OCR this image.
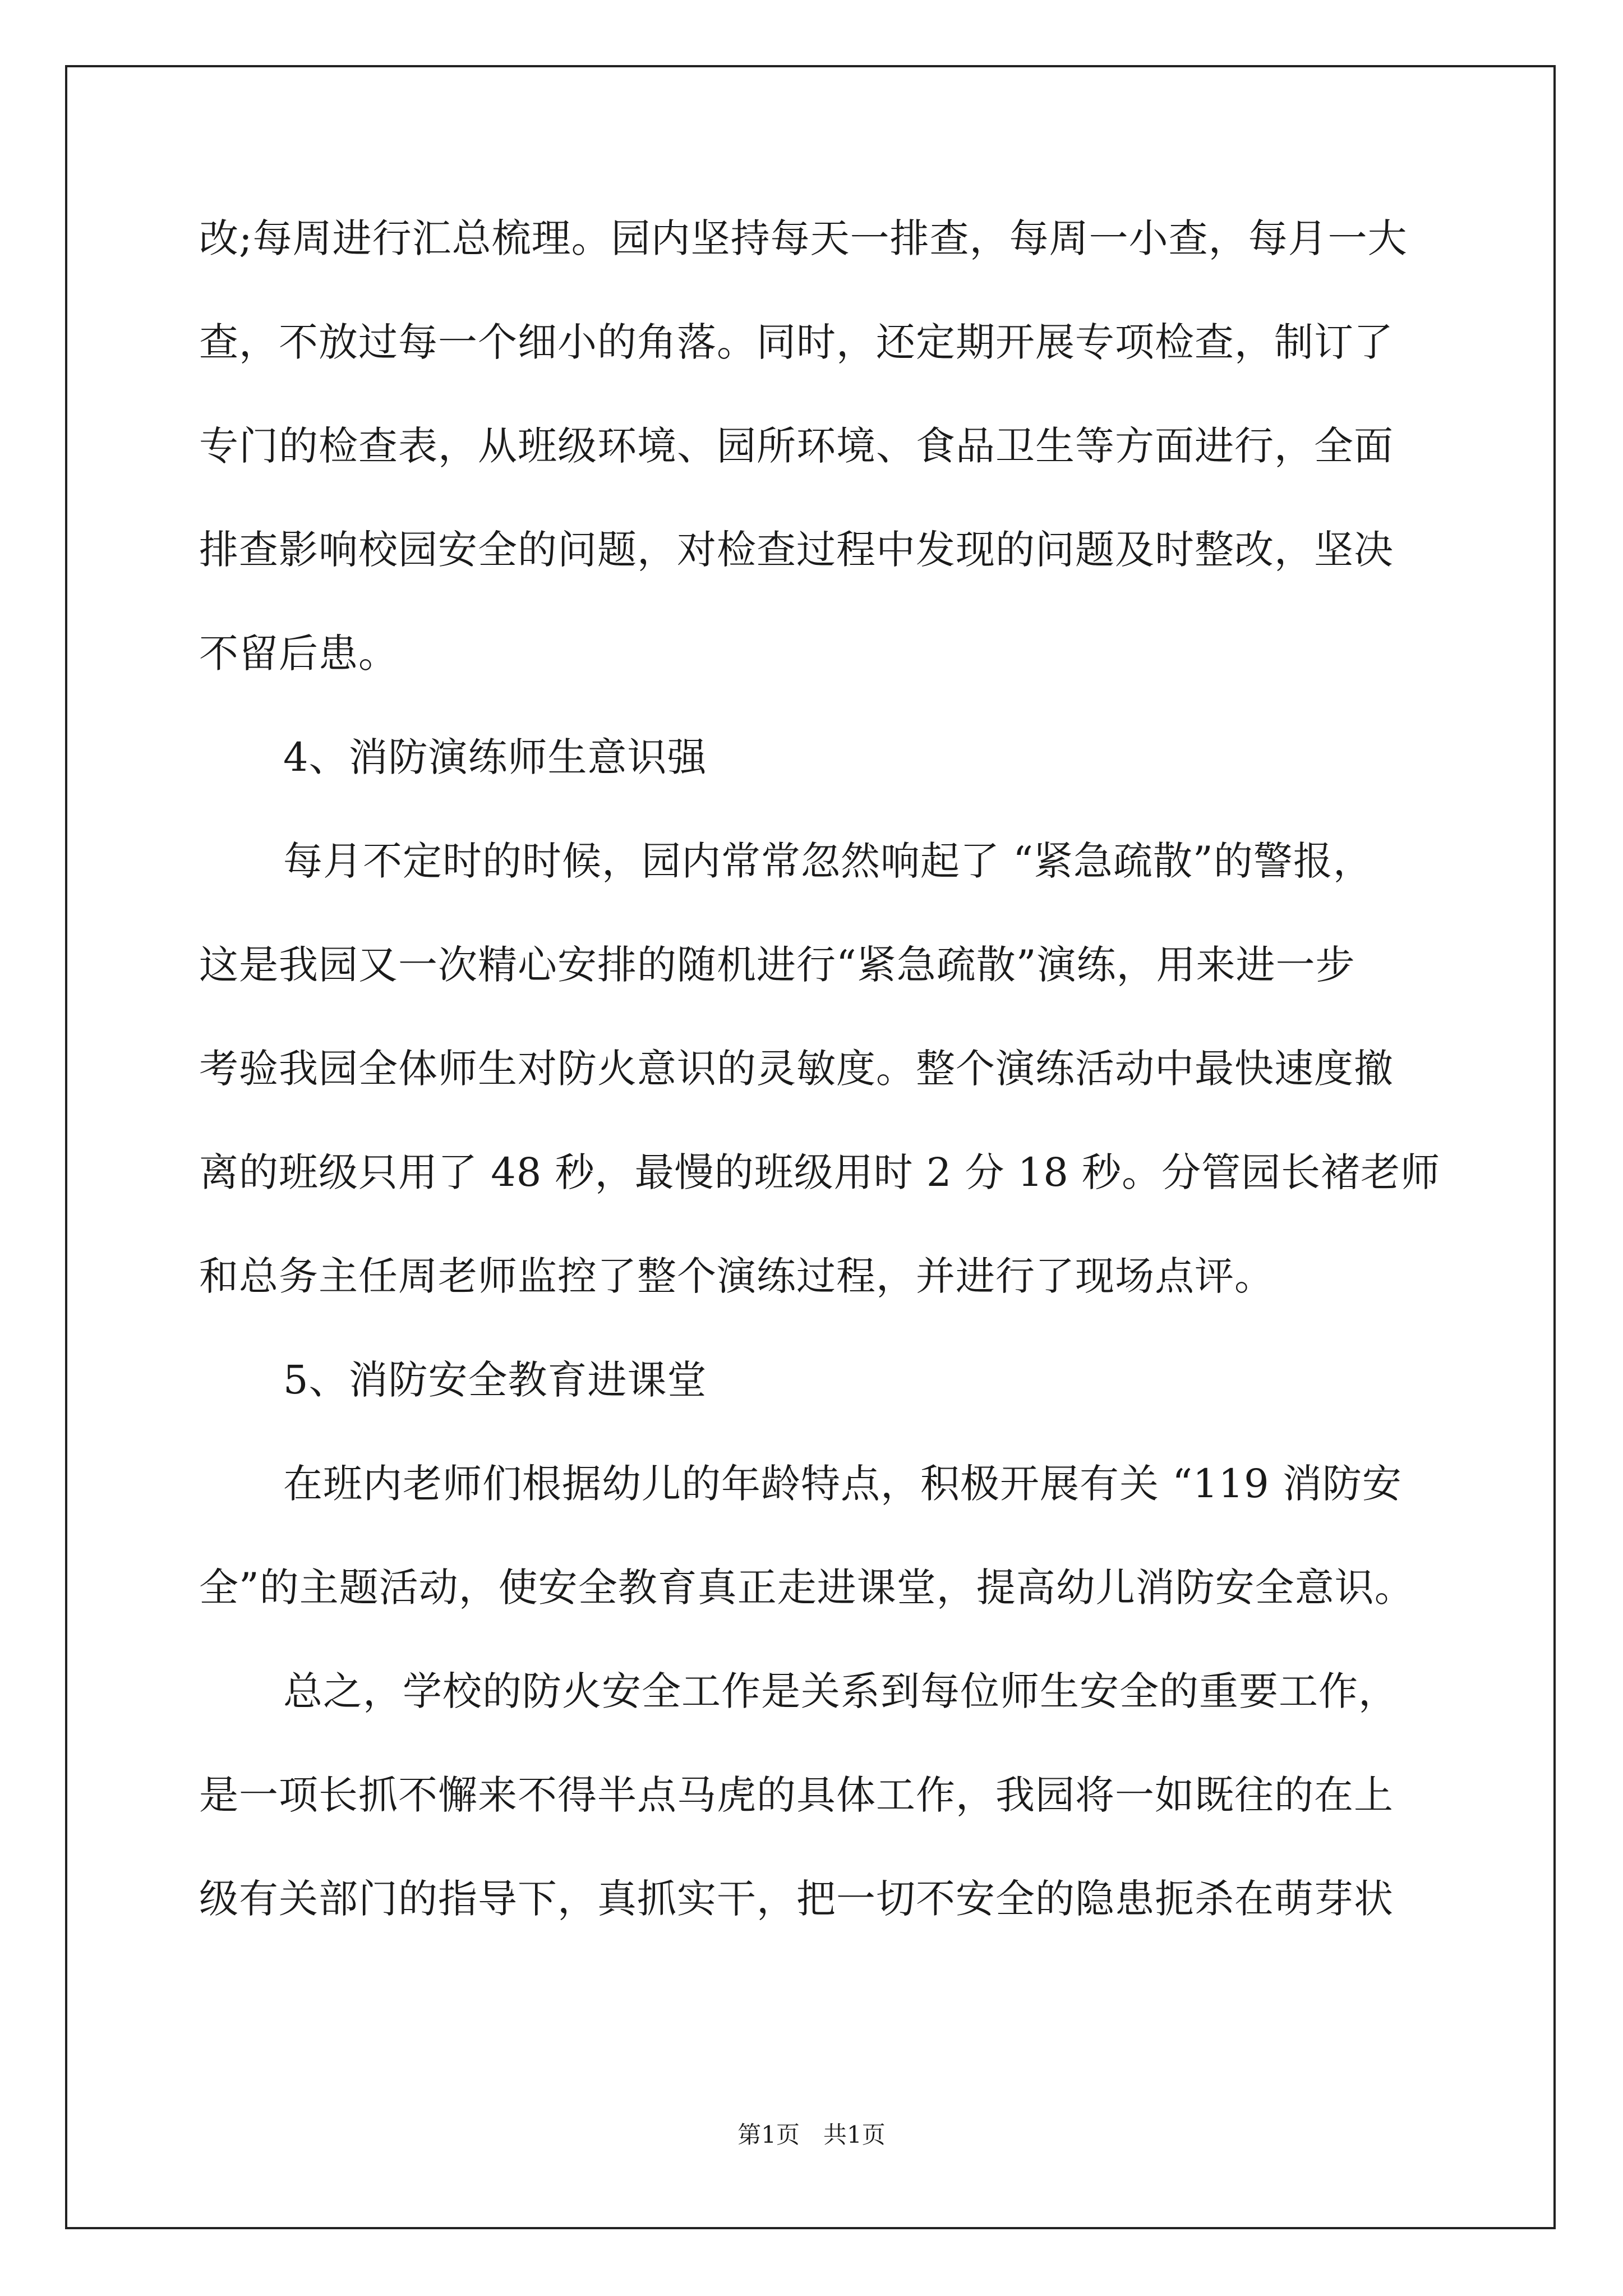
改;每周进行汇总梳理。园内坚持每天一排查，每周一小查，每月一大
查，不放过每一个细小的角落。同时，还定期开展专项检查，制订了
专门的检查表，从班级环境、园所环境、食品卫生等方面进行，全面
排查影响校园安全的问题，对检查过程中发现的问题及时整改，坚决
不留后患。
4、消防演练师生意识强
每月不定时的时候，园内常常忽然响起了 “紧急疏散”的警报，
这是我园又一次精心安排的随机进行“紧急疏散”演练，用来进一步
考验我园全体师生对防火意识的灵敏度。整个演练活动中最快速度撤
离的班级只用了 48 秒，最慢的班级用时 2 分 18 秒。分管园长褚老师
和总务主任周老师监控了整个演练过程，并进行了现场点评。
5、消防安全教育进课堂
在班内老师们根据幼儿的年龄特点，积极开展有关 “119 消防安
全”的主题活动，使安全教育真正走进课堂，提高幼儿消防安全意识。
总之，学校的防火安全工作是关系到每位师生安全的重要工作，
是一项长抓不懈来不得半点马虎的具体工作，我园将一如既往的在上
级有关部门的指导下，真抓实干，把一切不安全的隐患扼杀在萌芽状
第1页 共1页
